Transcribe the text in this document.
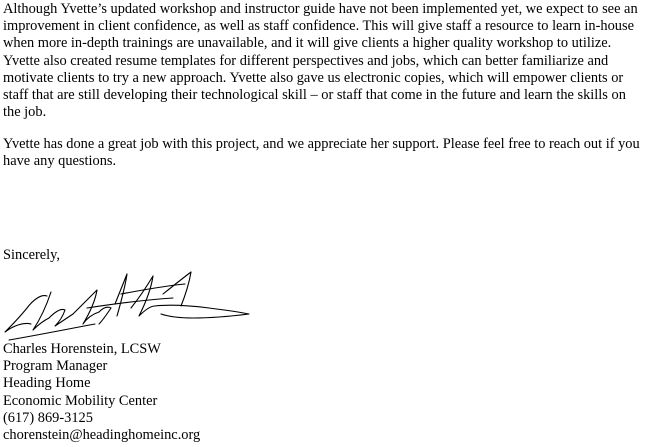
Although Yvette’s updated workshop and instructor guide have not been implemented yet, we expect to see an improvement in client confidence, as well as staff confidence. This will give staff a resource to learn in-house when more in-depth trainings are unavailable, and it will give clients a higher quality workshop to utilize. Yvette also created resume templates for different perspectives and jobs, which can better familiarize and motivate clients to try a new approach. Yvette also gave us electronic copies, which will empower clients or staff that are still developing their technological skill – or staff that come in the future and learn the skills on the job.

Yvette has done a great job with this project, and we appreciate her support. Please feel free to reach out if you have any questions.

Sincerely,

Charles Horenstein, LCSW
Program Manager
Heading Home
Economic Mobility Center
(617) 869-3125
chorenstein@headinghomeinc.org
